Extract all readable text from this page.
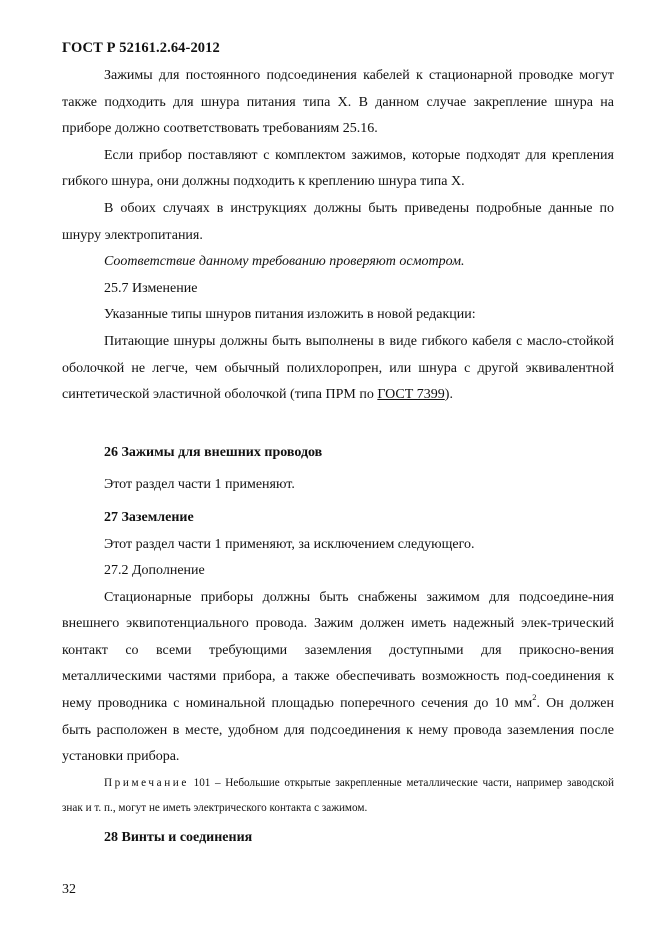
ГОСТ Р 52161.2.64-2012

Зажимы для постоянного подсоединения кабелей к стационарной проводке могут также подходить для шнура питания типа X. В данном случае закрепление шнура на приборе должно соответствовать требованиям 25.16.

Если прибор поставляют с комплектом зажимов, которые подходят для крепления гибкого шнура, они должны подходить к креплению шнура типа X.

В обоих случаях в инструкциях должны быть приведены подробные данные по шнуру электропитания.

Соответствие данному требованию проверяют осмотром.

25.7 Изменение

Указанные типы шнуров питания изложить в новой редакции:

Питающие шнуры должны быть выполнены в виде гибкого кабеля с масло-стойкой оболочкой не легче, чем обычный полихлоропрен, или шнура с другой эквивалентной синтетической эластичной оболочкой (типа ПРМ по ГОСТ 7399).

26 Зажимы для внешних проводов

Этот раздел части 1 применяют.

27 Заземление

Этот раздел части 1 применяют, за исключением следующего.

27.2 Дополнение

Стационарные приборы должны быть снабжены зажимом для подсоедине-ния внешнего эквипотенциального провода. Зажим должен иметь надежный элек-трический контакт со всеми требующими заземления доступными для прикосно-вения металлическими частями прибора, а также обеспечивать возможность под-соединения к нему проводника с номинальной площадью поперечного сечения до 10 $мм^2$. Он должен быть расположен в месте, удобном для подсоединения к нему провода заземления после установки прибора.

Примечание 101 – Небольшие открытые закрепленные металлические части, например заводской знак и т. п., могут не иметь электрического контакта с зажимом.

28 Винты и соединения

32
